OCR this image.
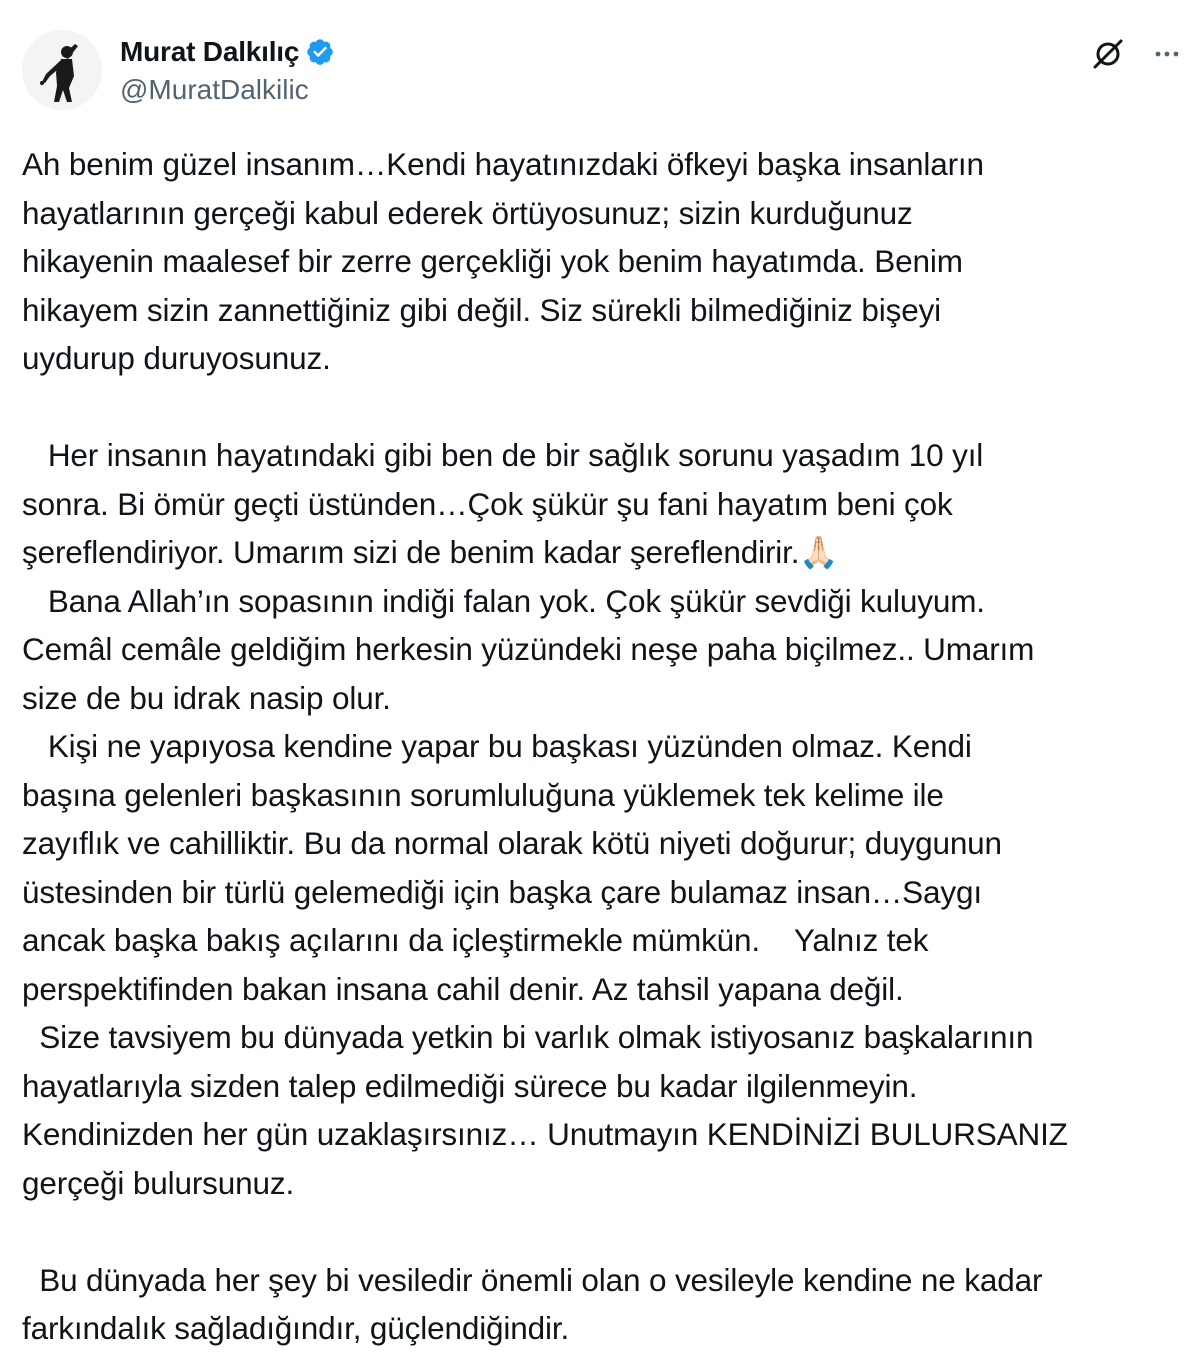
Murat Dalkılıç
@MuratDalkilic
Ah benim güzel insanım…Kendi hayatınızdaki öfkeyi başka insanların
hayatlarının gerçeği kabul ederek örtüyosunuz; sizin kurduğunuz
hikayenin maalesef bir zerre gerçekliği yok benim hayatımda. Benim
hikayem sizin zannettiğiniz gibi değil. Siz sürekli bilmediğiniz bişeyi
uydurup duruyosunuz.
Her insanın hayatındaki gibi ben de bir sağlık sorunu yaşadım 10 yıl
sonra. Bi ömür geçti üstünden…Çok şükür şu fani hayatım beni çok
şereflendiriyor. Umarım sizi de benim kadar şereflendirir.🙏🏻
Bana Allah’ın sopasının indiği falan yok. Çok şükür sevdiği kuluyum.
Cemâl cemâle geldiğim herkesin yüzündeki neşe paha biçilmez.. Umarım
size de bu idrak nasip olur.
Kişi ne yapıyosa kendine yapar bu başkası yüzünden olmaz. Kendi
başına gelenleri başkasının sorumluluğuna yüklemek tek kelime ile
zayıflık ve cahilliktir. Bu da normal olarak kötü niyeti doğurur; duygunun
üstesinden bir türlü gelemediği için başka çare bulamaz insan…Saygı
ancak başka bakış açılarını da içleştirmekle mümkün.    Yalnız tek
perspektifinden bakan insana cahil denir. Az tahsil yapana değil.
Size tavsiyem bu dünyada yetkin bi varlık olmak istiyosanız başkalarının
hayatlarıyla sizden talep edilmediği sürece bu kadar ilgilenmeyin.
Kendinizden her gün uzaklaşırsınız… Unutmayın KENDİNİZİ BULURSANIZ
gerçeği bulursunuz.
Bu dünyada her şey bi vesiledir önemli olan o vesileyle kendine ne kadar
farkındalık sağladığındır, güçlendiğindir.
